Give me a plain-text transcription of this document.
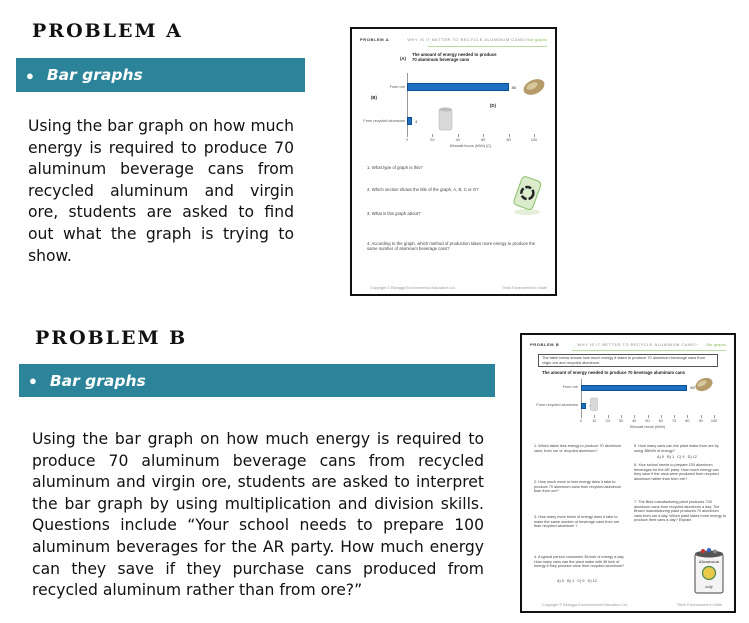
PROBLEM A
● Bar graphs
Using the bar graph on how much energy is required to produce 70 aluminum beverage cans from recycled aluminum and virgin ore, students are asked to find out what the graph is trying to show.
PROBLEM A	WHY IS IT BETTER TO RECYCLE ALUMINUM CANS? Bar graphs
(A)
The amount of energy needed to produce 70 aluminum beverage cans
(B)
(D)
From ore	80
From recycled aluminum	4
0	20	40	60	80	100
Kilowatt-hours (kWh) (C)
1. What type of graph is this?
2. Which section shows the title of the graph, A, B, C or D?
3. What is this graph about?
4. According to the graph, which method of production takes more energy to produce the same number of aluminum beverage cans?
Copyright © Bluegga Environmental Education Ltd.	Think Environment in Math
PROBLEM B
● Bar graphs
Using the bar graph on how much energy is required to produce 70 aluminum beverage cans from recycled aluminum and virgin ore, students are asked to interpret the bar graph by using multiplication and division skills. Questions include “Your school needs to prepare 100 aluminum beverages for the AR party. How much energy can they save if they purchase cans produced from recycled aluminum rather than from ore?”
PROBLEM B	WHY IS IT BETTER TO RECYCLE ALUMINUM CANS? Bar graphs
The table below shows how much energy it takes to produce 70 aluminum beverage cans from virgin ore and recycled aluminum.
The amount of energy needed to produce 70 beverage aluminum cans
From ore	80
From recycled aluminum
0	10 20 30 40 50 60 70 80 90 100
Kilowatt-hours (kWh)
1. Which takes less energy to produce 70 aluminum cans, from ore or recycled aluminum?
2. How much more or less energy does it take to produce 70 aluminum cans from recycled aluminum than from ore?
3. How many more times of energy does it take to make the same number of beverage cans from ore than recycled aluminum ?
4. A typical person consumes 38 kwh of energy a day. How many cans can the plant make with 38 kwh of energy if they produce cans from recycled aluminum?
A) 0   B) 1   C) 9   D) 12
5. How many cans can the plant make from ore by using 38kWh of energy?
A) 0   B) 1   C) 9   D) 12
6. Your school needs to prepare 100 aluminum beverages for the AR party. How much energy can they save if the cans were produced from recycled aluminum rather than from ore?
7. The Blue manufacturing plant produces 700 aluminum cans from recycled aluminum a day. The Brown manufacturing plant produces 70 aluminum cans from ore a day. Which plant takes more energy to produce their cans a day? Explain.
Aluminum
only
Copyright © Bluegga Environmental Education Ltd.	Think Environment in Math
